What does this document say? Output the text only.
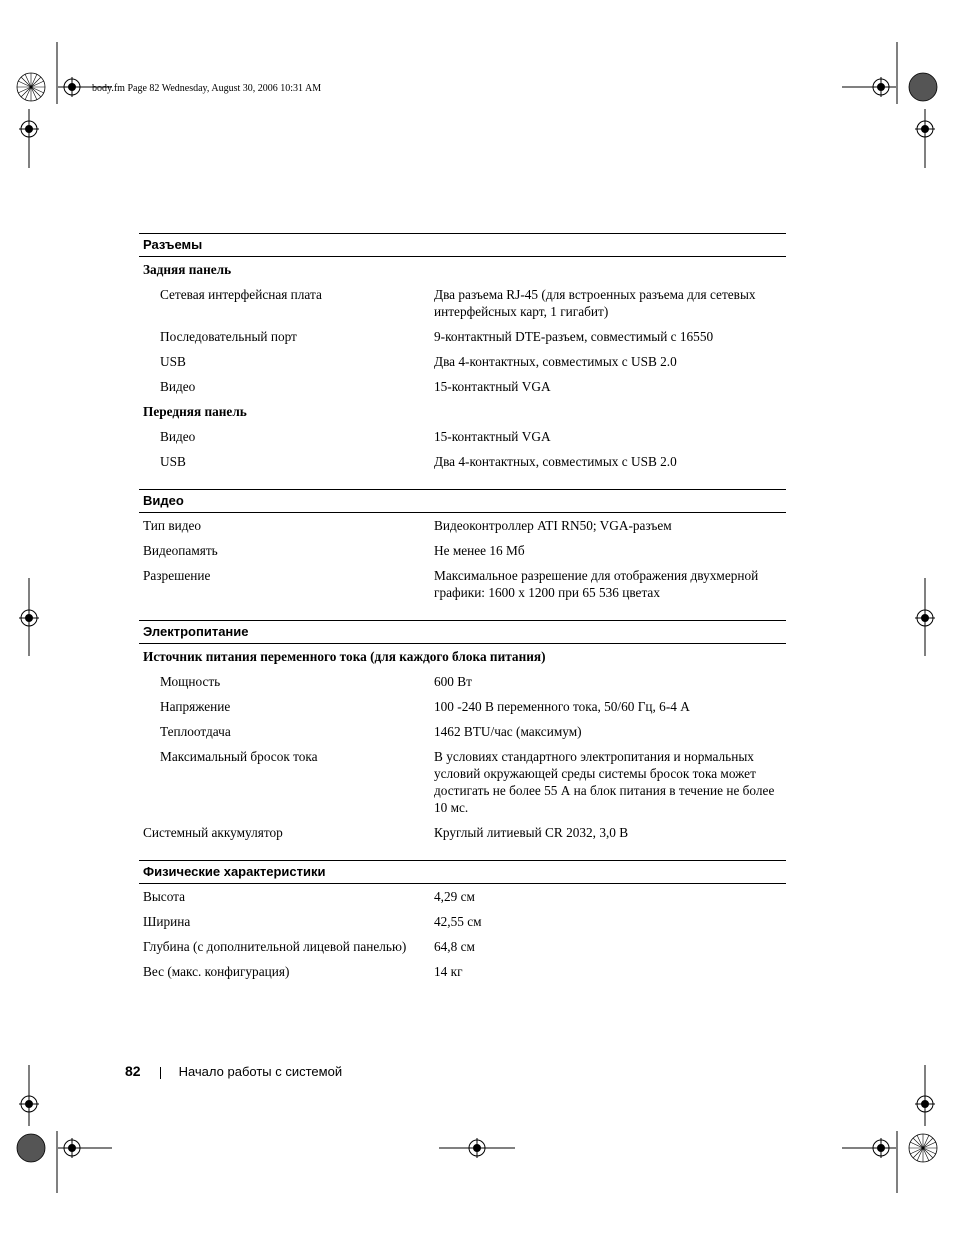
body.fm Page 82 Wednesday, August 30, 2006 10:31 AM
Разъемы
Задняя панель
Сетевая интерфейсная плата	Два разъема RJ-45 (для встроенных разъема для сетевых интерфейсных карт, 1 гигабит)
Последовательный порт	9-контактный DTE-разъем, совместимый с 16550
USB	Два 4-контактных, совместимых с USB 2.0
Видео	15-контактный VGA
Передняя панель
Видео	15-контактный VGA
USB	Два 4-контактных, совместимых с USB 2.0
Видео
Тип видео	Видеоконтроллер ATI RN50; VGA-разъем
Видеопамять	Не менее 16 Мб
Разрешение	Максимальное разрешение для отображения двухмерной графики: 1600 x 1200 при 65 536 цветах
Электропитание
Источник питания переменного тока (для каждого блока питания)
Мощность	600 Вт
Напряжение	100 -240 В переменного тока, 50/60 Гц, 6-4 А
Теплоотдача	1462 BTU/час (максимум)
Максимальный бросок тока	В условиях стандартного электропитания и нормальных условий окружающей среды системы бросок тока может достигать не более 55 А на блок питания в течение не более 10 мс.
Системный аккумулятор	Круглый литиевый CR 2032, 3,0 В
Физические характеристики
Высота	4,29 см
Ширина	42,55 см
Глубина (с дополнительной лицевой панелью)	64,8 см
Вес (макс. конфигурация)	14 кг
82	Начало работы с системой
